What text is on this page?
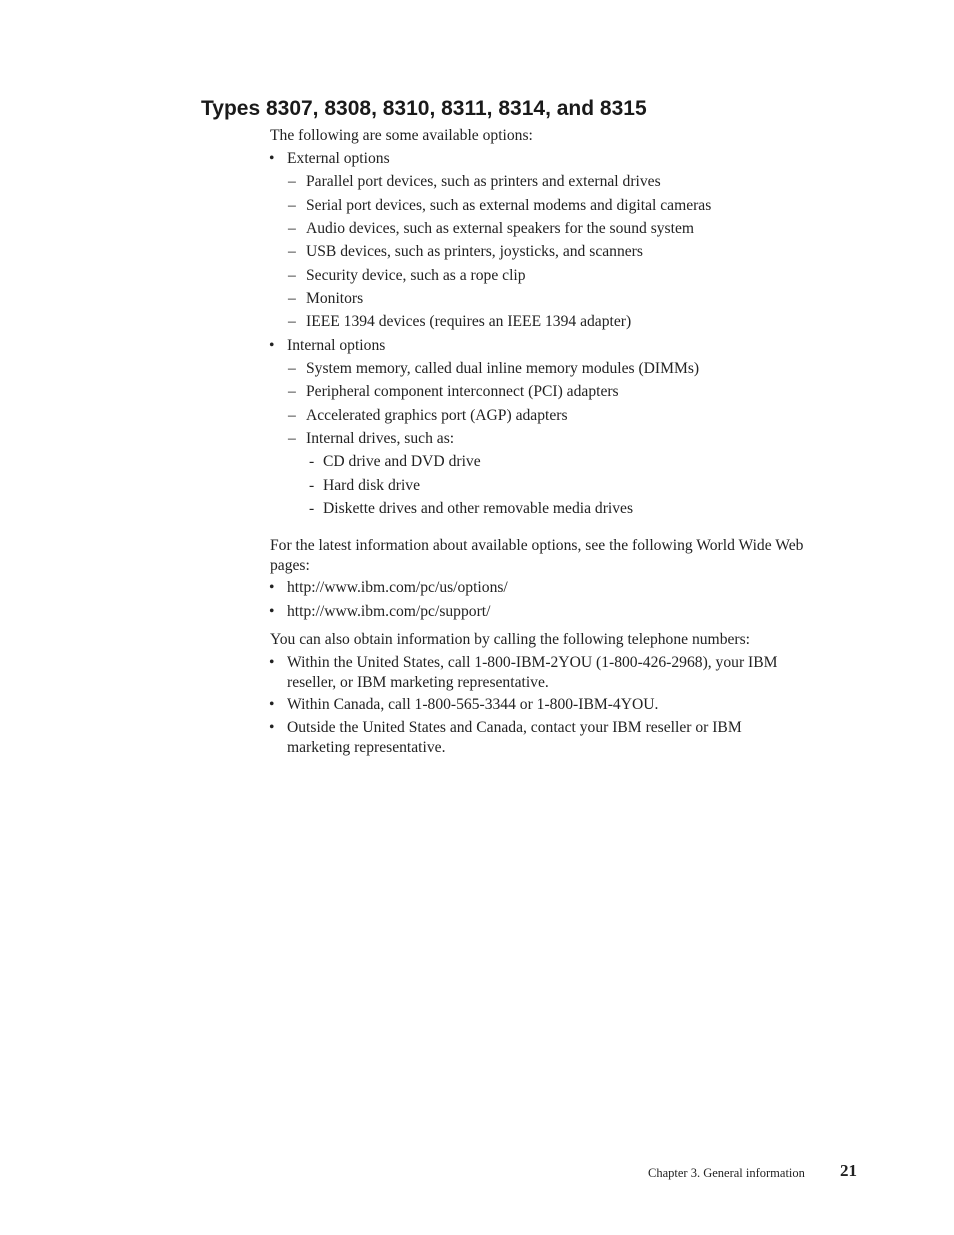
Types 8307, 8308, 8310, 8311, 8314, and 8315

The following are some available options:

• External options
– Parallel port devices, such as printers and external drives
– Serial port devices, such as external modems and digital cameras
– Audio devices, such as external speakers for the sound system
– USB devices, such as printers, joysticks, and scanners
– Security device, such as a rope clip
– Monitors
– IEEE 1394 devices (requires an IEEE 1394 adapter)
• Internal options
– System memory, called dual inline memory modules (DIMMs)
– Peripheral component interconnect (PCI) adapters
– Accelerated graphics port (AGP) adapters
– Internal drives, such as:
- CD drive and DVD drive
- Hard disk drive
- Diskette drives and other removable media drives

For the latest information about available options, see the following World Wide Web pages:

• http://www.ibm.com/pc/us/options/
• http://www.ibm.com/pc/support/

You can also obtain information by calling the following telephone numbers:

• Within the United States, call 1-800-IBM-2YOU (1-800-426-2968), your IBM reseller, or IBM marketing representative.
• Within Canada, call 1-800-565-3344 or 1-800-IBM-4YOU.
• Outside the United States and Canada, contact your IBM reseller or IBM marketing representative.
Chapter 3. General information 21
